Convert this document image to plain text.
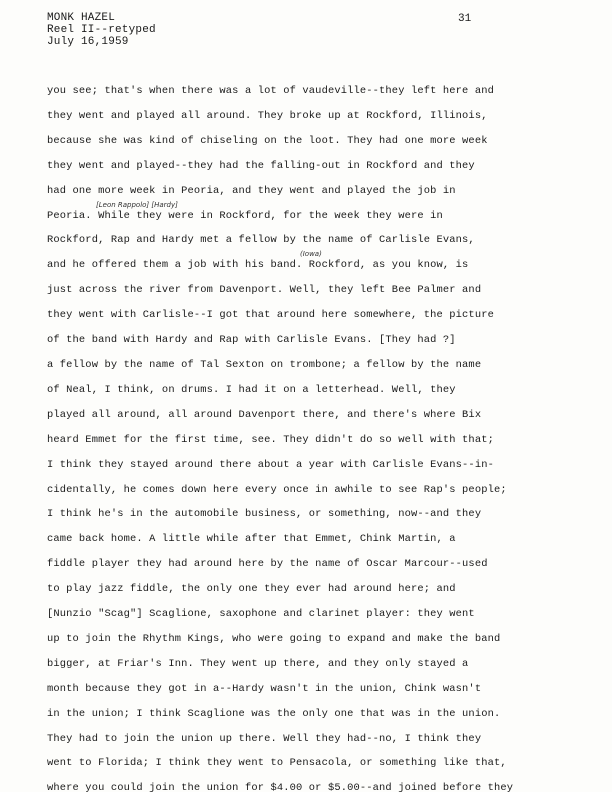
MONK HAZEL
Reel II--retyped
July 16,1959
31
[Leon Rappolo] [Hardy]
(Iowa)
you see; that's when there was a lot of vaudeville--they left here and
they went and played all around. They broke up at Rockford, Illinois,
because she was kind of chiseling on the loot. They had one more week
they went and played--they had the falling-out in Rockford and they
had one more week in Peoria, and they went and played the job in
Peoria. While they were in Rockford, for the week they were in
Rockford, Rap and Hardy met a fellow by the name of Carlisle Evans,
and he offered them a job with his band. Rockford, as you know, is
just across the river from Davenport. Well, they left Bee Palmer and
they went with Carlisle--I got that around here somewhere, the picture
of the band with Hardy and Rap with Carlisle Evans. [They had ?]
a fellow by the name of Tal Sexton on trombone; a fellow by the name
of Neal, I think, on drums. I had it on a letterhead. Well, they
played all around, all around Davenport there, and there's where Bix
heard Emmet for the first time, see. They didn't do so well with that;
I think they stayed around there about a year with Carlisle Evans--in-
cidentally, he comes down here every once in awhile to see Rap's people;
I think he's in the automobile business, or something, now--and they
came back home. A little while after that Emmet, Chink Martin, a
fiddle player they had around here by the name of Oscar Marcour--used
to play jazz fiddle, the only one they ever had around here; and
[Nunzio "Scag"] Scaglione, saxophone and clarinet player: they went
up to join the Rhythm Kings, who were going to expand and make the band
bigger, at Friar's Inn. They went up there, and they only stayed a
month because they got in a--Hardy wasn't in the union, Chink wasn't
in the union; I think Scaglione was the only one that was in the union.
They had to join the union up there. Well they had--no, I think they
went to Florida; I think they went to Pensacola, or something like that,
where you could join the union for $4.00 or $5.00--and joined before they
